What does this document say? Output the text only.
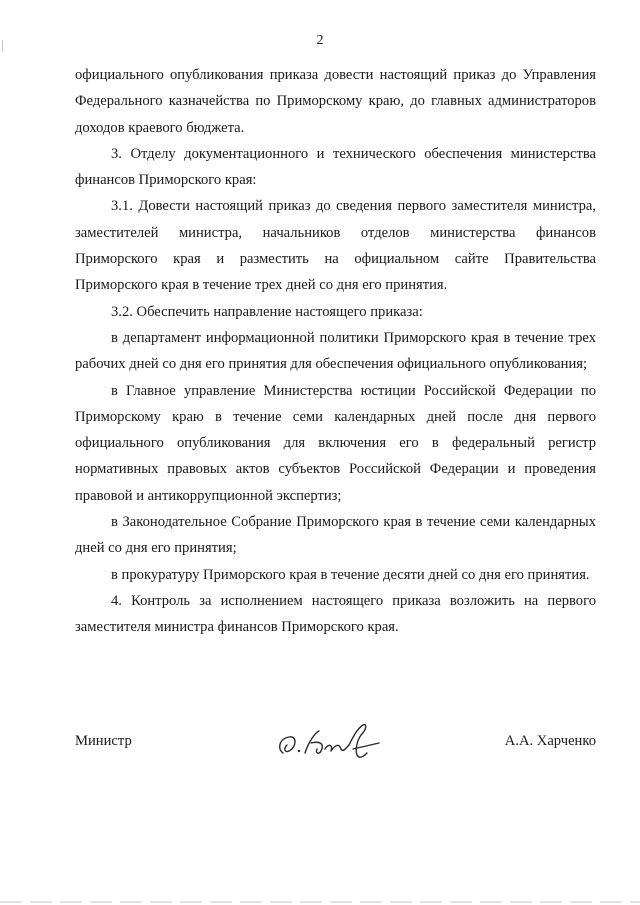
2

официального опубликования приказа довести настоящий приказ до Управления Федерального казначейства по Приморскому краю, до главных администраторов доходов краевого бюджета.

3. Отделу документационного и технического обеспечения министерства финансов Приморского края:

3.1. Довести настоящий приказ до сведения первого заместителя министра, заместителей министра, начальников отделов министерства финансов Приморского края и разместить на официальном сайте Правительства Приморского края в течение трех дней со дня его принятия.

3.2. Обеспечить направление настоящего приказа:

в департамент информационной политики Приморского края в течение трех рабочих дней со дня его принятия для обеспечения официального опубликования;

в Главное управление Министерства юстиции Российской Федерации по Приморскому краю в течение семи календарных дней после дня первого официального опубликования для включения его в федеральный регистр нормативных правовых актов субъектов Российской Федерации и проведения правовой и антикоррупционной экспертиз;

в Законодательное Собрание Приморского края в течение семи календарных дней со дня его принятия;

в прокуратуру Приморского края в течение десяти дней со дня его принятия.

4. Контроль за исполнением настоящего приказа возложить на первого заместителя министра финансов Приморского края.

Министр	А.А. Харченко
